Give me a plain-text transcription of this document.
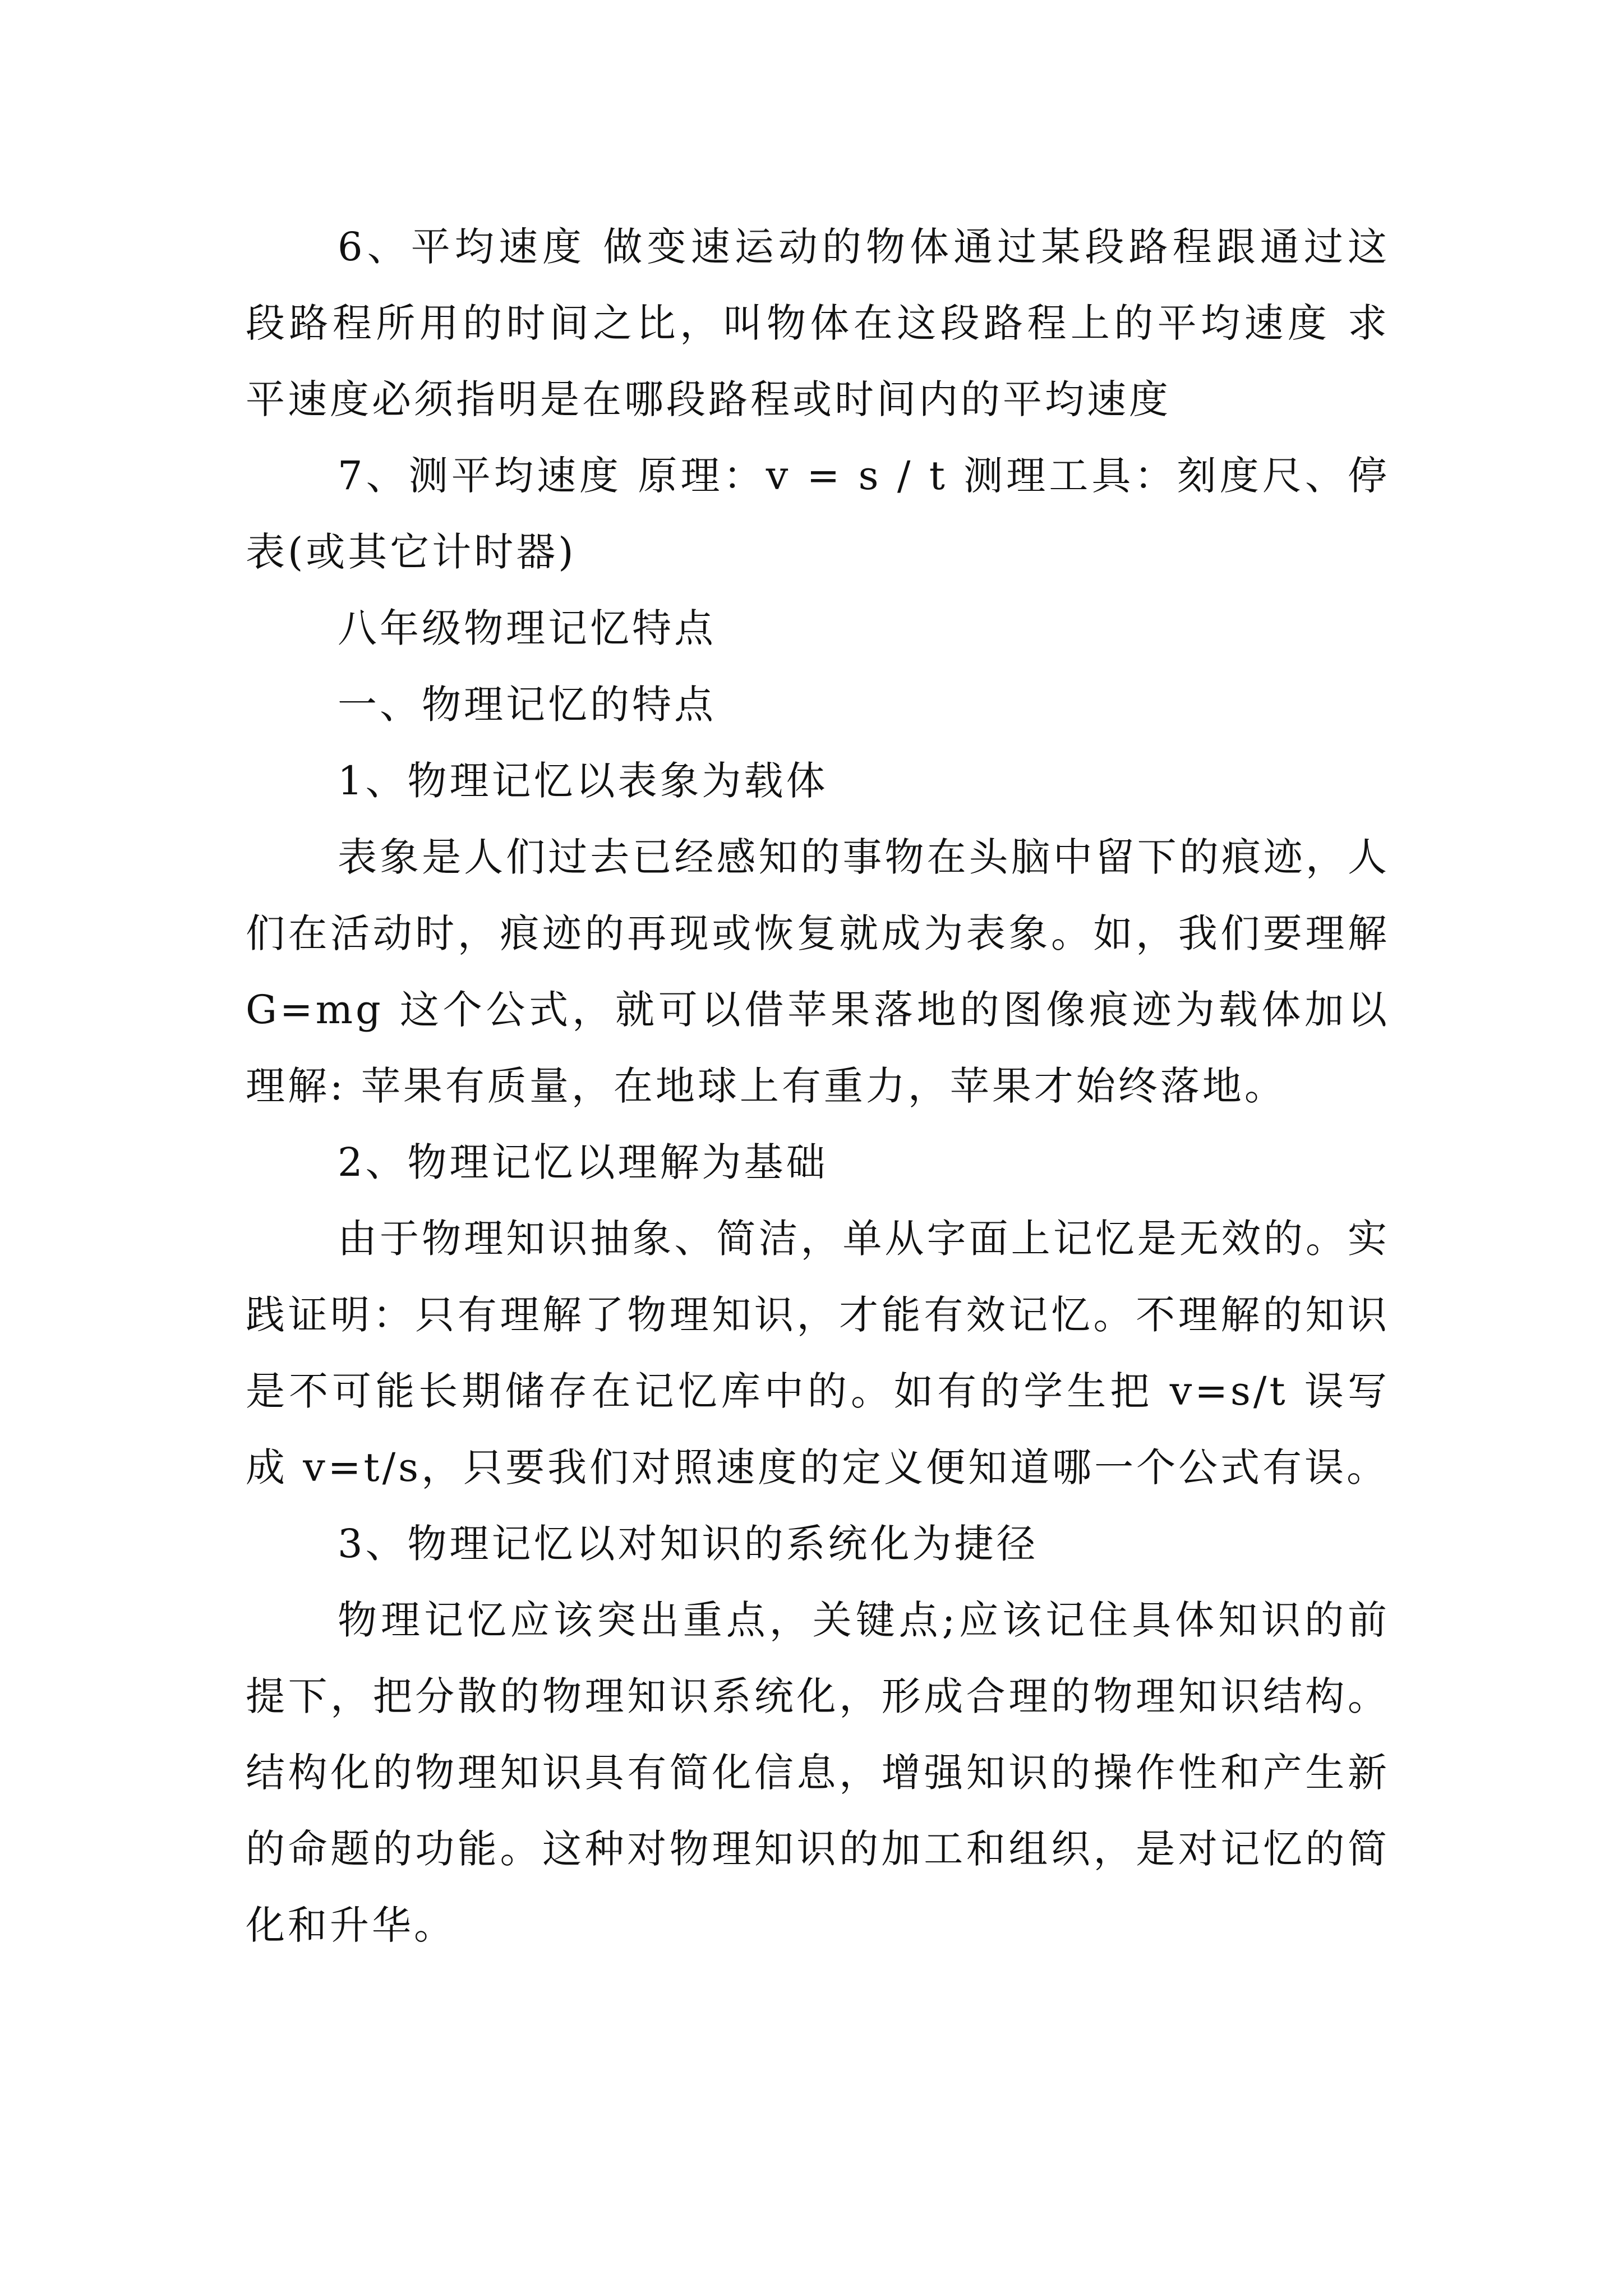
6、平均速度 做变速运动的物体通过某段路程跟通过这段路程所用的时间之比，叫物体在这段路程上的平均速度 求平速度必须指明是在哪段路程或时间内的平均速度

7、测平均速度 原理：v = s / t 测理工具：刻度尺、停表(或其它计时器)

八年级物理记忆特点

一、物理记忆的特点

1、物理记忆以表象为载体

表象是人们过去已经感知的事物在头脑中留下的痕迹，人们在活动时，痕迹的再现或恢复就成为表象。如，我们要理解 G=mg 这个公式，就可以借苹果落地的图像痕迹为载体加以理解: 苹果有质量，在地球上有重力，苹果才始终落地。

2、物理记忆以理解为基础

由于物理知识抽象、简洁，单从字面上记忆是无效的。实践证明：只有理解了物理知识，才能有效记忆。不理解的知识是不可能长期储存在记忆库中的。如有的学生把 v=s/t 误写成 v=t/s，只要我们对照速度的定义便知道哪一个公式有误。

3、物理记忆以对知识的系统化为捷径

物理记忆应该突出重点，关键点;应该记住具体知识的前提下，把分散的物理知识系统化，形成合理的物理知识结构。结构化的物理知识具有简化信息，增强知识的操作性和产生新的命题的功能。这种对物理知识的加工和组织，是对记忆的简化和升华。
